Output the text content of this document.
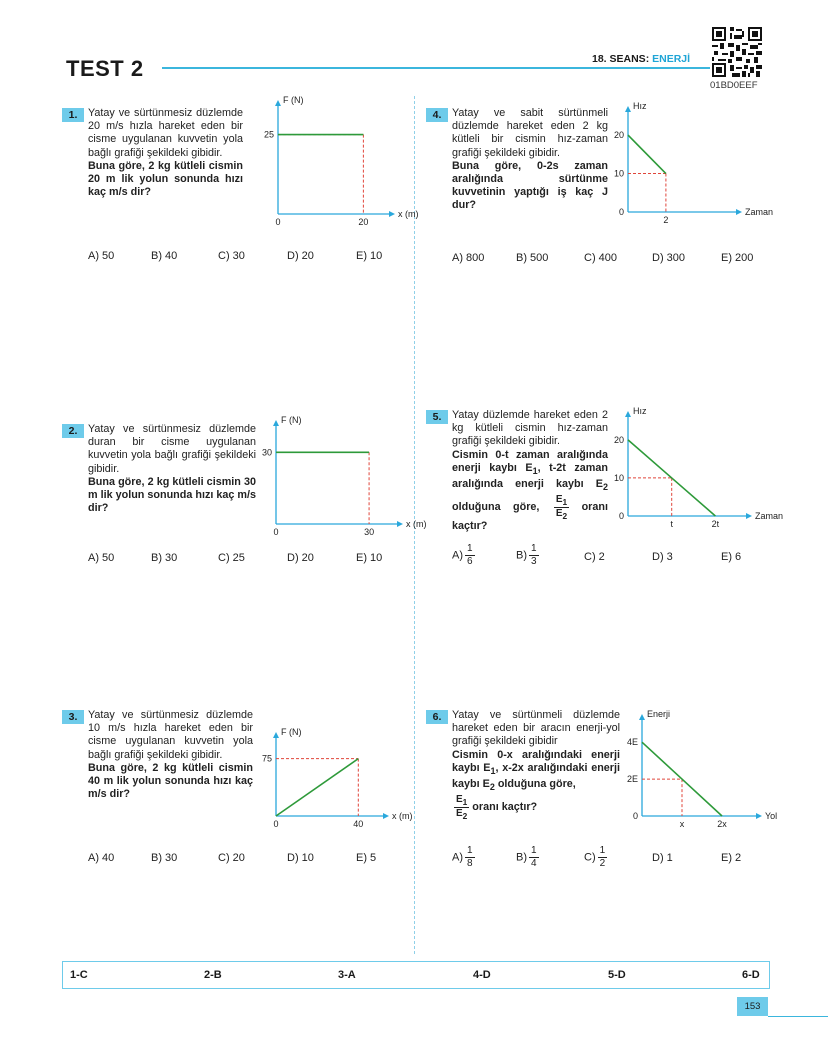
TEST 2	18. SEANS: ENERJİ
01BD0EEF
1. Yatay ve sürtünmesiz düzlemde 20 m/s hızla hareket eden bir cisme uygulanan kuvvetin yola bağlı grafiği şekildeki gibidir.

Buna göre, 2 kg kütleli cismin 20 m lik yolun sonunda hızı kaç m/s dir?

x (m)
F (N)
0	20
25
A) 50	B) 40	C) 30	D) 20	E) 10
2. Yatay ve sürtünmesiz düzlemde duran bir cisme uygulanan kuvvetin yola bağlı grafiği şekildeki gibidir.

Buna göre, 2 kg kütleli cismin 30 m lik yolun sonunda hızı kaç m/s dir?

x (m)
F (N)
0	30
30
A) 50	B) 30	C) 25	D) 20	E) 10
3. Yatay ve sürtünmesiz düzlemde 10 m/s hızla hareket eden bir cisme uygulanan kuvvetin yola bağlı grafiği şekildeki gibidir.

Buna göre, 2 kg kütleli cismin 40 m lik yolun sonunda hızı kaç m/s dir?

x (m)
F (N)
0	40
75
A) 40	B) 30	C) 20	D) 10	E) 5
4. Yatay ve sabit sürtünmeli düzlemde hareket eden 2 kg kütleli bir cismin hız-zaman grafiği şekildeki gibidir.

Buna göre, 0-2s zaman aralığında sürtünme kuvvetinin yaptığı iş kaç J dur?

Zaman
Hız
2
0
10
20
A) 800	B) 500	C) 400	D) 300	E) 200
5. Yatay düzlemde hareket eden 2 kg kütleli cismin hız-zaman grafiği şekildeki gibidir.

Cismin 0-t zaman aralığında enerji kaybı $E_1$, t-2t zaman aralığında enerji kaybı $E_2$ olduğuna göre, $\frac{E_1}{E_2}$ oranı kaçtır?

Zaman
Hız
t	2t
0
10
20
$A) \frac{1}{6}$	$B) \frac{1}{3}$	C) 2	D) 3	E) 6
6. Yatay ve sürtünmeli düzlemde hareket eden bir aracın enerji-yol grafiği şekildeki gibidir

Cismin 0-x aralığındaki enerji kaybı $E_1$, x-2x aralığındaki enerji kaybı $E_2$ olduğuna göre,

$\frac{E_1}{E_2}$ oranı kaçtır?

Yol
Enerji
x	2x
0
2E
4E
$A) \frac{1}{8}$	$B) \frac{1}{4}$	$C) \frac{1}{2}$	D) 1	E) 2
1-C	2-B	3-A	4-D	5-D	6-D
153
